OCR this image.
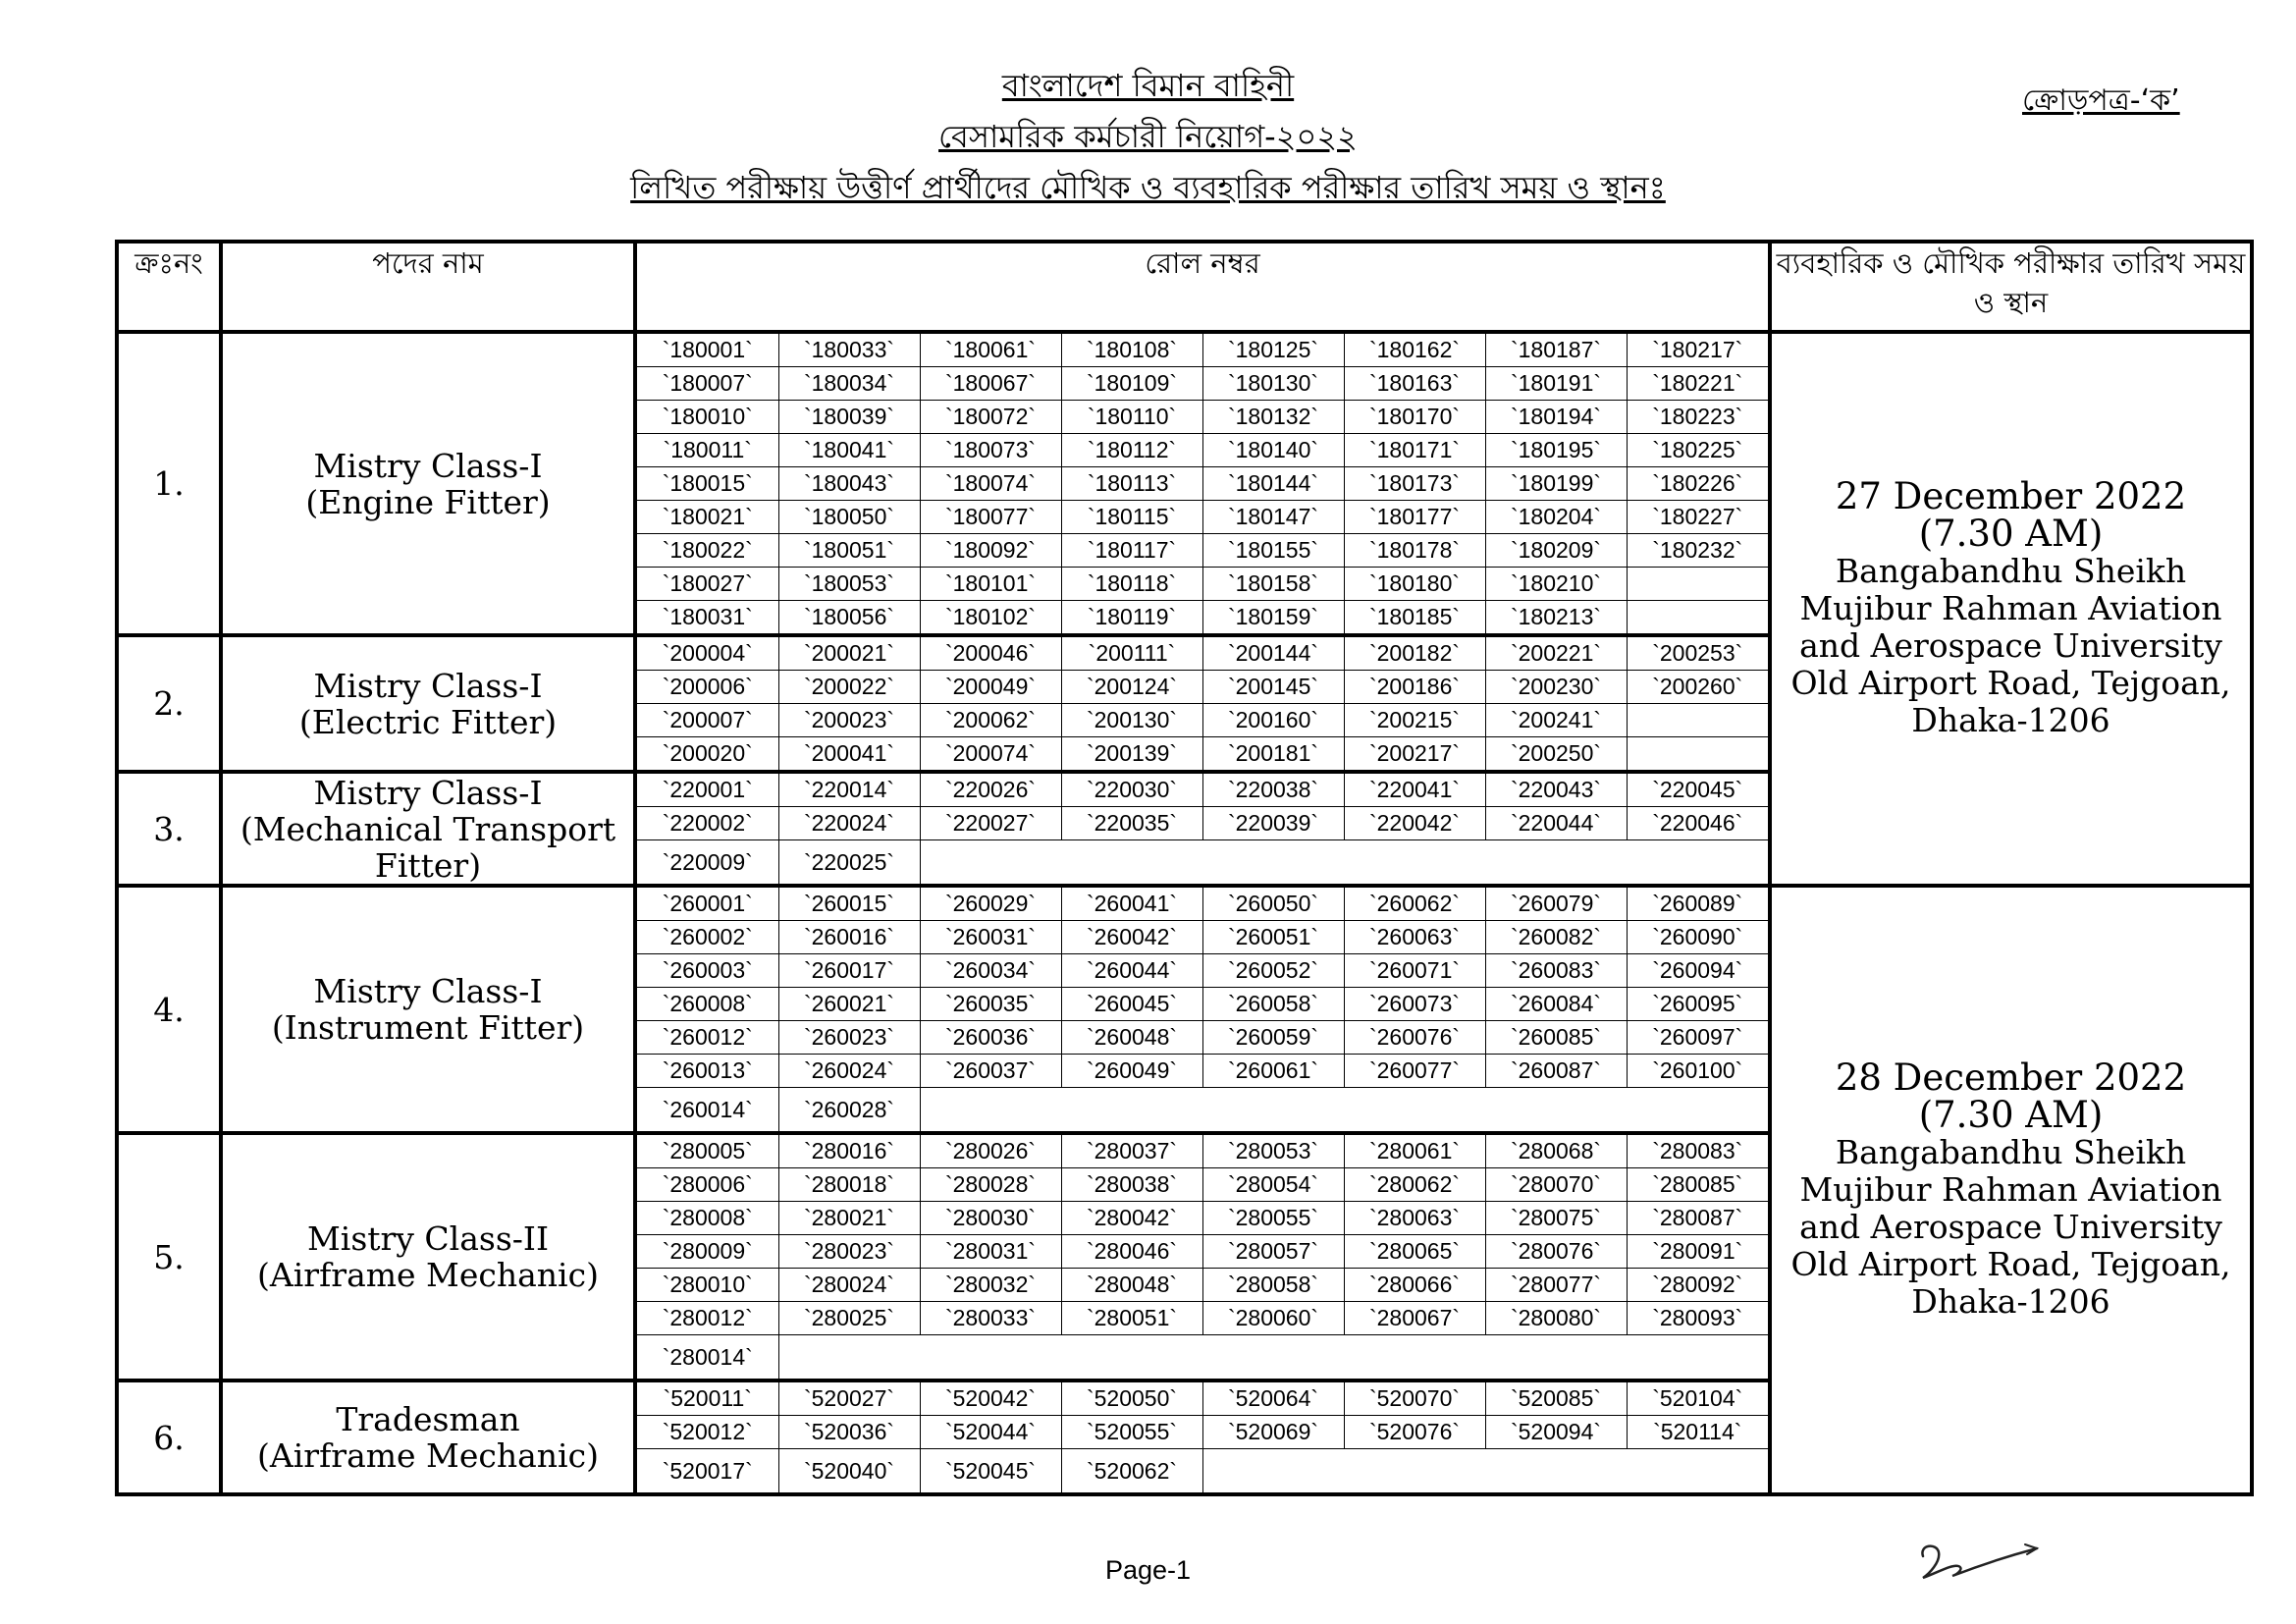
বাংলাদেশ বিমান বাহিনী
বেসামরিক কর্মচারী নিয়োগ-২০২২
লিখিত পরীক্ষায় উত্তীর্ণ প্রার্থীদের মৌখিক ও ব্যবহারিক পরীক্ষার তারিখ সময় ও স্থানঃ
ক্রোড়পত্র-‘ক’
ক্রঃনং	পদের নাম	রোল নম্বর	ব্যবহারিক ও মৌখিক পরীক্ষার তারিখ সময় ও স্থান
1.	Mistry Class-I
(Engine Fitter)

`180001`	`180033`	`180061`	`180108`	`180125`	`180162`	`180187`	`180217`
`180007`	`180034`	`180067`	`180109`	`180130`	`180163`	`180191`	`180221`
`180010`	`180039`	`180072`	`180110`	`180132`	`180170`	`180194`	`180223`
`180011`	`180041`	`180073`	`180112`	`180140`	`180171`	`180195`	`180225`
`180015`	`180043`	`180074`	`180113`	`180144`	`180173`	`180199`	`180226`
`180021`	`180050`	`180077`	`180115`	`180147`	`180177`	`180204`	`180227`
`180022`	`180051`	`180092`	`180117`	`180155`	`180178`	`180209`	`180232`
`180027`	`180053`	`180101`	`180118`	`180158`	`180180`	`180210`	
`180031`	`180056`	`180102`	`180119`	`180159`	`180185`	`180213`	

27 December 2022
(7.30 AM)
Bangabandhu Sheikh
Mujibur Rahman Aviation
and Aerospace University
Old Airport Road, Tejgoan,
Dhaka-1206

2.	Mistry Class-I
(Electric Fitter)

`200004`	`200021`	`200046`	`200111`	`200144`	`200182`	`200221`	`200253`
`200006`	`200022`	`200049`	`200124`	`200145`	`200186`	`200230`	`200260`
`200007`	`200023`	`200062`	`200130`	`200160`	`200215`	`200241`	
`200020`	`200041`	`200074`	`200139`	`200181`	`200217`	`200250`	

3.	
Mistry Class-I
(Mechanical Transport
Fitter)

`220001`	`220014`	`220026`	`220030`	`220038`	`220041`	`220043`	`220045`
`220002`	`220024`	`220027`	`220035`	`220039`	`220042`	`220044`	`220046`
`220009`	`220025`	

4.	Mistry Class-I
(Instrument Fitter)

`260001`	`260015`	`260029`	`260041`	`260050`	`260062`	`260079`	`260089`
`260002`	`260016`	`260031`	`260042`	`260051`	`260063`	`260082`	`260090`
`260003`	`260017`	`260034`	`260044`	`260052`	`260071`	`260083`	`260094`
`260008`	`260021`	`260035`	`260045`	`260058`	`260073`	`260084`	`260095`
`260012`	`260023`	`260036`	`260048`	`260059`	`260076`	`260085`	`260097`
`260013`	`260024`	`260037`	`260049`	`260061`	`260077`	`260087`	`260100`
`260014`	`260028`	

28 December 2022
(7.30 AM)
Bangabandhu Sheikh
Mujibur Rahman Aviation
and Aerospace University
Old Airport Road, Tejgoan,
Dhaka-1206

5.	Mistry Class-II
(Airframe Mechanic)

`280005`	`280016`	`280026`	`280037`	`280053`	`280061`	`280068`	`280083`
`280006`	`280018`	`280028`	`280038`	`280054`	`280062`	`280070`	`280085`
`280008`	`280021`	`280030`	`280042`	`280055`	`280063`	`280075`	`280087`
`280009`	`280023`	`280031`	`280046`	`280057`	`280065`	`280076`	`280091`
`280010`	`280024`	`280032`	`280048`	`280058`	`280066`	`280077`	`280092`
`280012`	`280025`	`280033`	`280051`	`280060`	`280067`	`280080`	`280093`
`280014`	

6.	Tradesman
(Airframe Mechanic)

`520011`	`520027`	`520042`	`520050`	`520064`	`520070`	`520085`	`520104`
`520012`	`520036`	`520044`	`520055`	`520069`	`520076`	`520094`	`520114`
`520017`	`520040`	`520045`	`520062`	
Page-1
